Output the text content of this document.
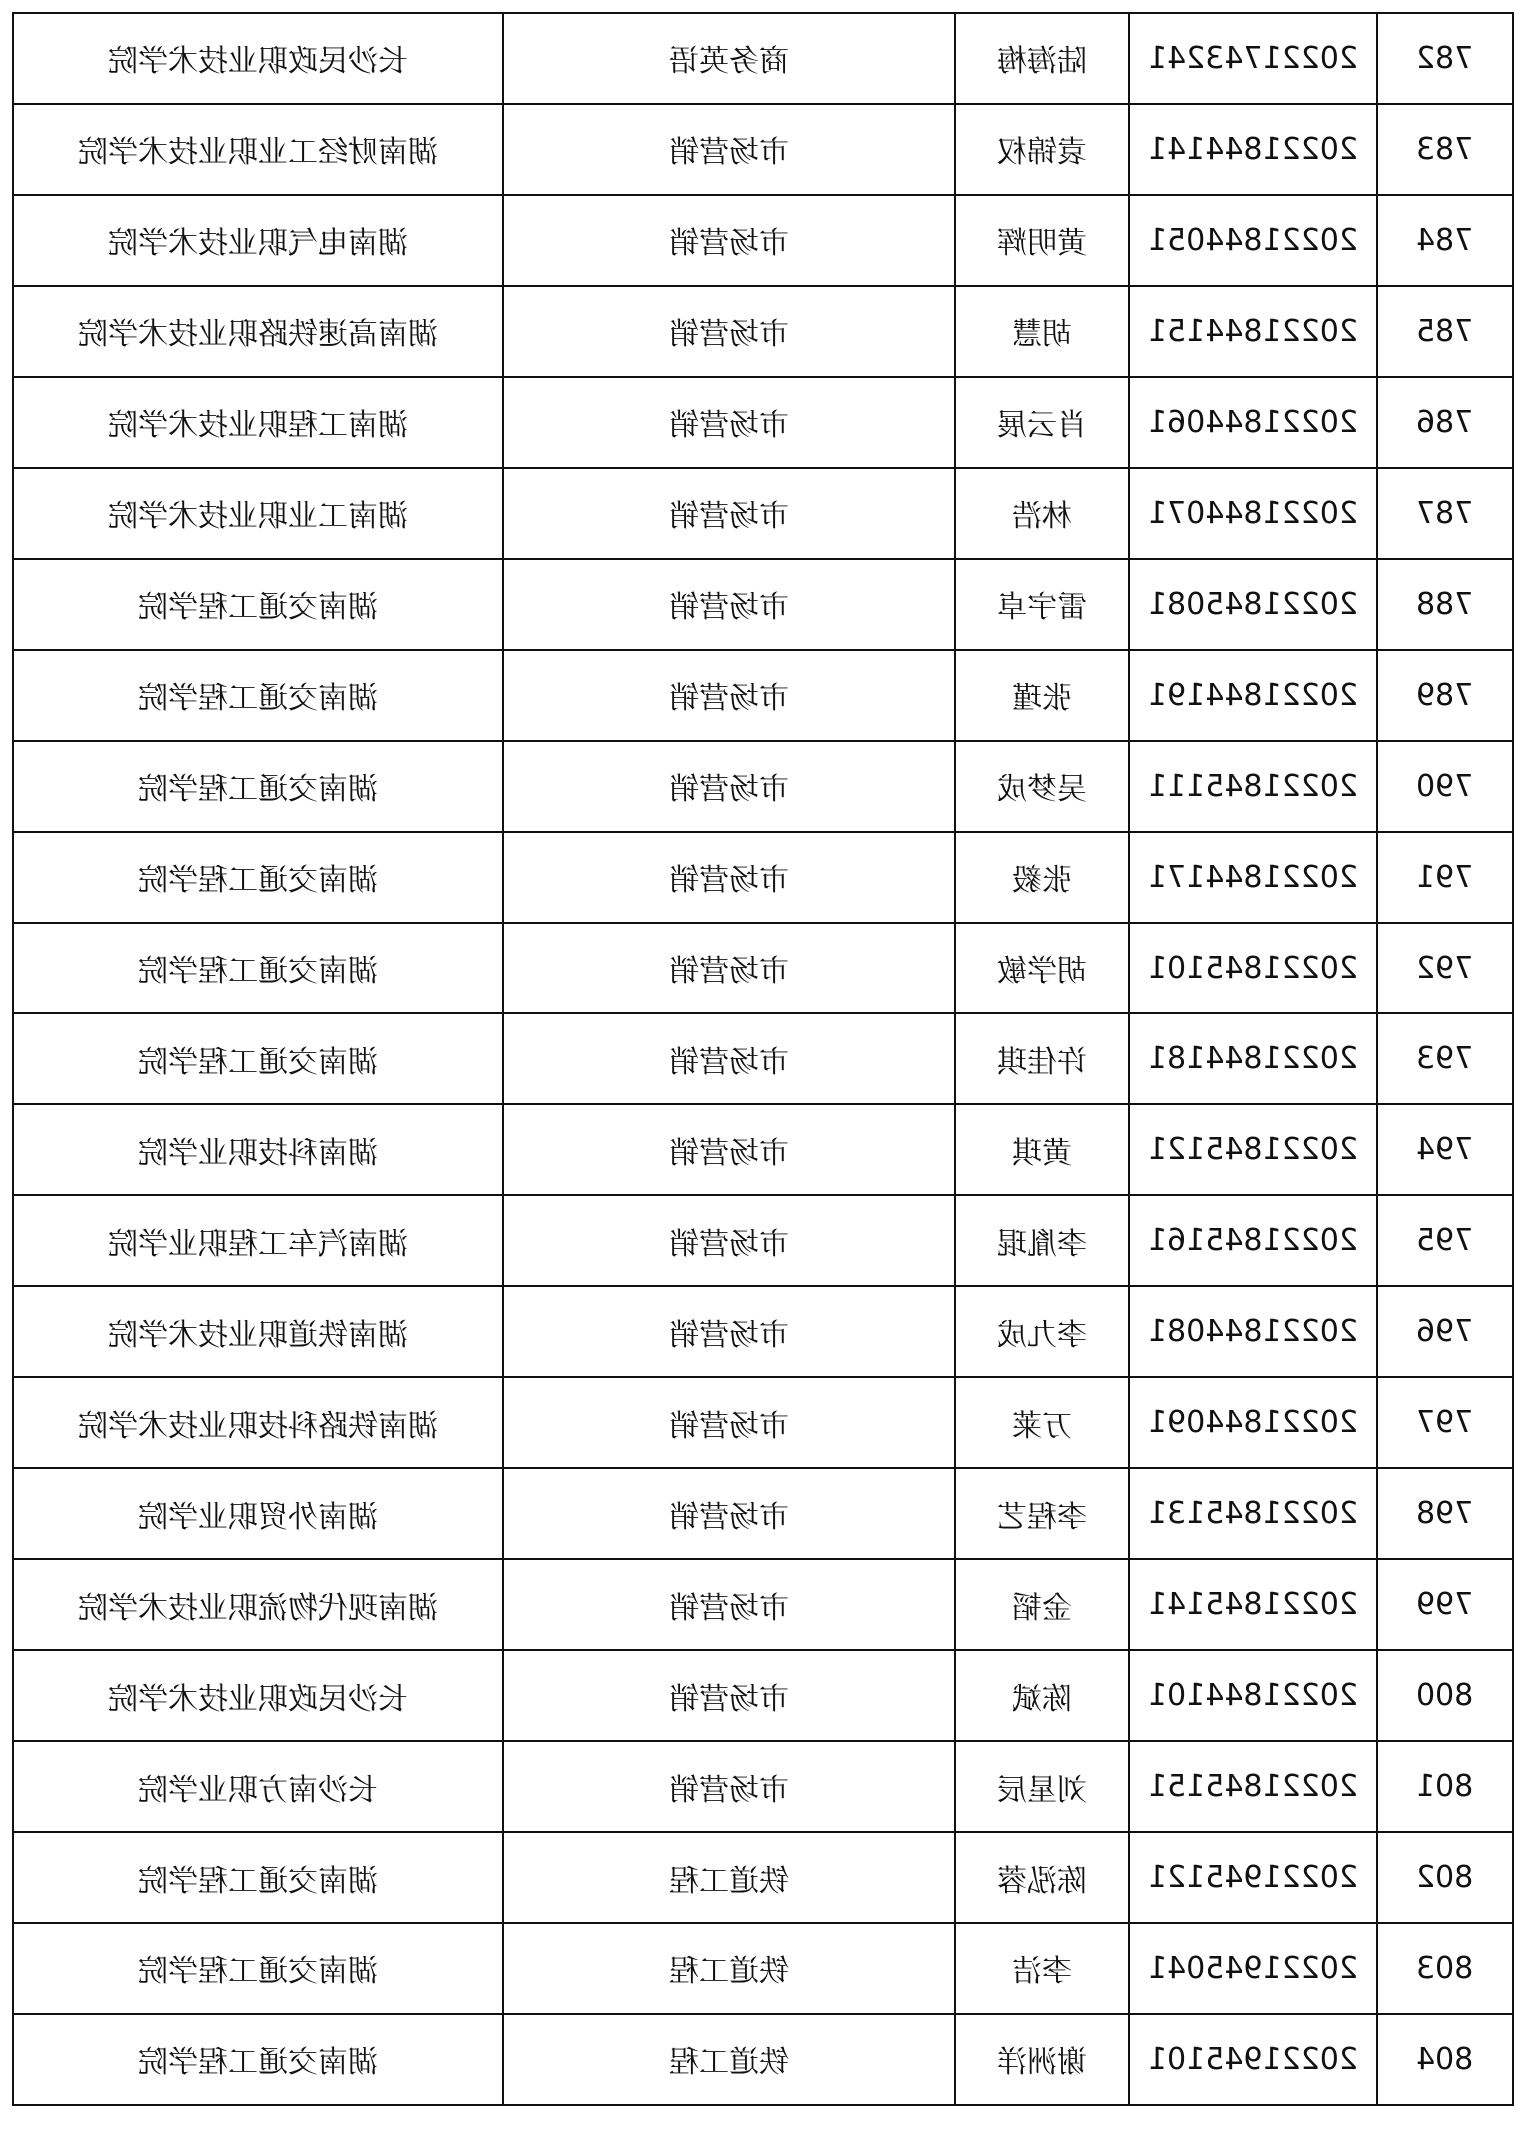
长沙民政职业技术学院	商务英语	陆海梅	20221743241	782
湖南财经工业职业技术学院	市场营销	袁锦权	20221844141	783
湖南电气职业技术学院	市场营销	黄明辉	20221844051	784
湖南高速铁路职业技术学院	市场营销	胡慧	20221844151	785
湖南工程职业技术学院	市场营销	肖云展	20221844061	786
湖南工业职业技术学院	市场营销	林浩	20221844071	787
湖南交通工程学院	市场营销	雷宇卓	20221845081	788
湖南交通工程学院	市场营销	张瑾	20221844191	789
湖南交通工程学院	市场营销	吴梦成	20221845111	790
湖南交通工程学院	市场营销	张毅	20221844171	791
湖南交通工程学院	市场营销	胡学敏	20221845101	792
湖南交通工程学院	市场营销	许佳琪	20221844181	793
湖南科技职业学院	市场营销	黄琪	20221845121	794
湖南汽车工程职业学院	市场营销	李胤琨	20221845161	795
湖南铁道职业技术学院	市场营销	李九成	20221844081	796
湖南铁路科技职业技术学院	市场营销	万莱	20221844091	797
湖南外贸职业学院	市场营销	李程艺	20221845131	798
湖南现代物流职业技术学院	市场营销	金韬	20221845141	799
长沙民政职业技术学院	市场营销	陈斌	20221844101	800
长沙南方职业学院	市场营销	刘星辰	20221845151	801
湖南交通工程学院	铁道工程	陈泓蓉	20221945121	802
湖南交通工程学院	铁道工程	李洁	20221945041	803
湖南交通工程学院	铁道工程	谢洲洋	20221945101	804
